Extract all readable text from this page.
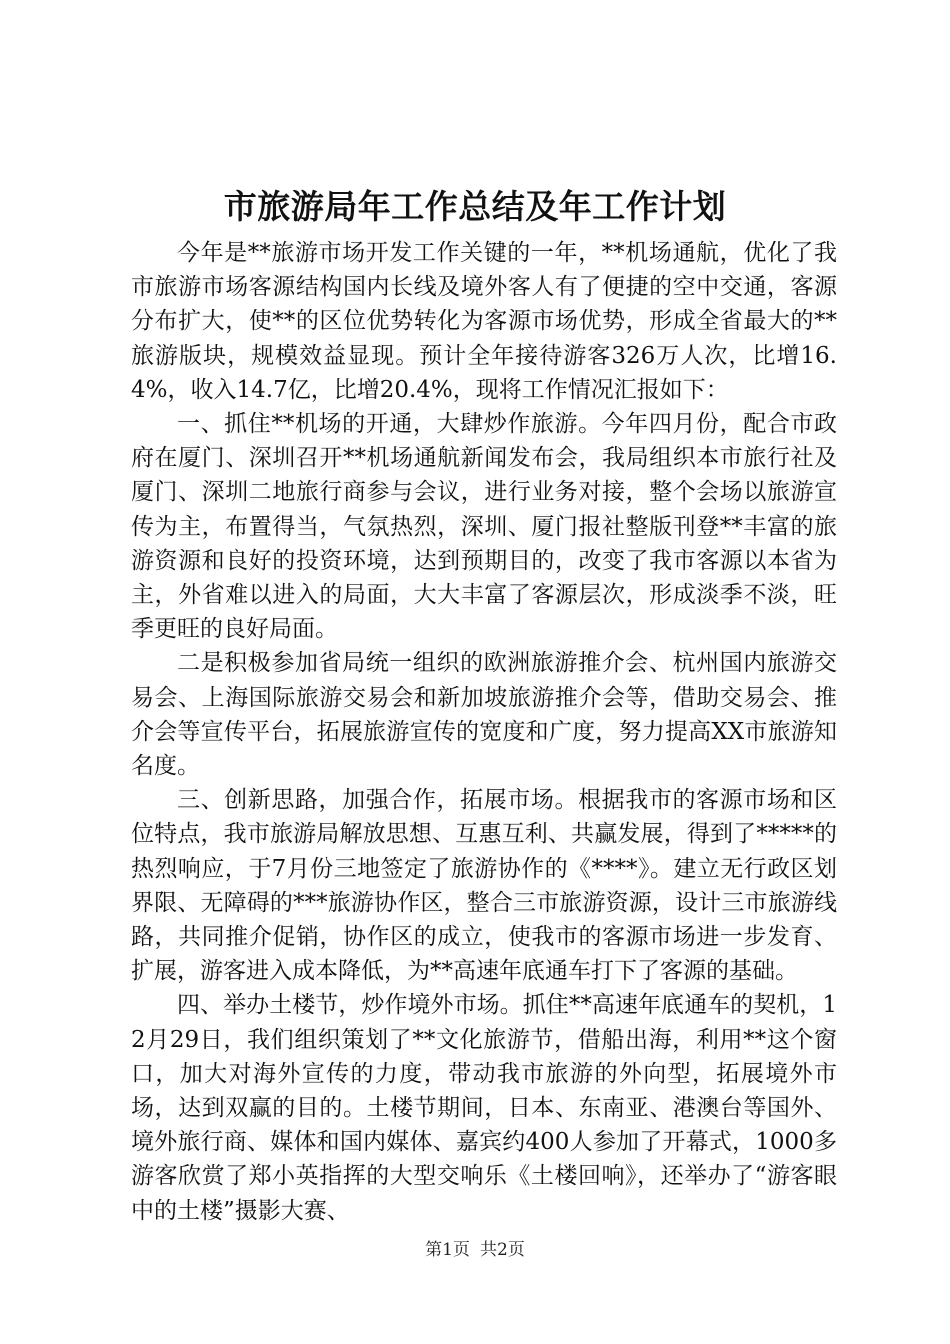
市旅游局年工作总结及年工作计划

今年是**旅游市场开发工作关键的一年，**机场通航，优化了我市旅游市场客源结构国内长线及境外客人有了便捷的空中交通，客源分布扩大，使**的区位优势转化为客源市场优势，形成全省最大的**旅游版块，规模效益显现。预计全年接待游客326万人次，比增16.4%，收入14.7亿，比增20.4%，现将工作情况汇报如下：

一、抓住**机场的开通，大肆炒作旅游。今年四月份，配合市政府在厦门、深圳召开**机场通航新闻发布会，我局组织本市旅行社及厦门、深圳二地旅行商参与会议，进行业务对接，整个会场以旅游宣传为主，布置得当，气氛热烈，深圳、厦门报社整版刊登**丰富的旅游资源和良好的投资环境，达到预期目的，改变了我市客源以本省为主，外省难以进入的局面，大大丰富了客源层次，形成淡季不淡，旺季更旺的良好局面。

二是积极参加省局统一组织的欧洲旅游推介会、杭州国内旅游交易会、上海国际旅游交易会和新加坡旅游推介会等，借助交易会、推介会等宣传平台，拓展旅游宣传的宽度和广度，努力提高XX市旅游知名度。

三、创新思路，加强合作，拓展市场。根据我市的客源市场和区位特点，我市旅游局解放思想、互惠互利、共赢发展，得到了*****的热烈响应，于7月份三地签定了旅游协作的《****》。建立无行政区划界限、无障碍的***旅游协作区，整合三市旅游资源，设计三市旅游线路，共同推介促销，协作区的成立，使我市的客源市场进一步发育、扩展，游客进入成本降低，为**高速年底通车打下了客源的基础。

四、举办土楼节，炒作境外市场。抓住**高速年底通车的契机，12月29日，我们组织策划了**文化旅游节，借船出海，利用**这个窗口，加大对海外宣传的力度，带动我市旅游的外向型，拓展境外市场，达到双赢的目的。土楼节期间，日本、东南亚、港澳台等国外、境外旅行商、媒体和国内媒体、嘉宾约400人参加了开幕式，1000多游客欣赏了郑小英指挥的大型交响乐《土楼回响》，还举办了“游客眼中的土楼”摄影大赛、

第1页 共2页
